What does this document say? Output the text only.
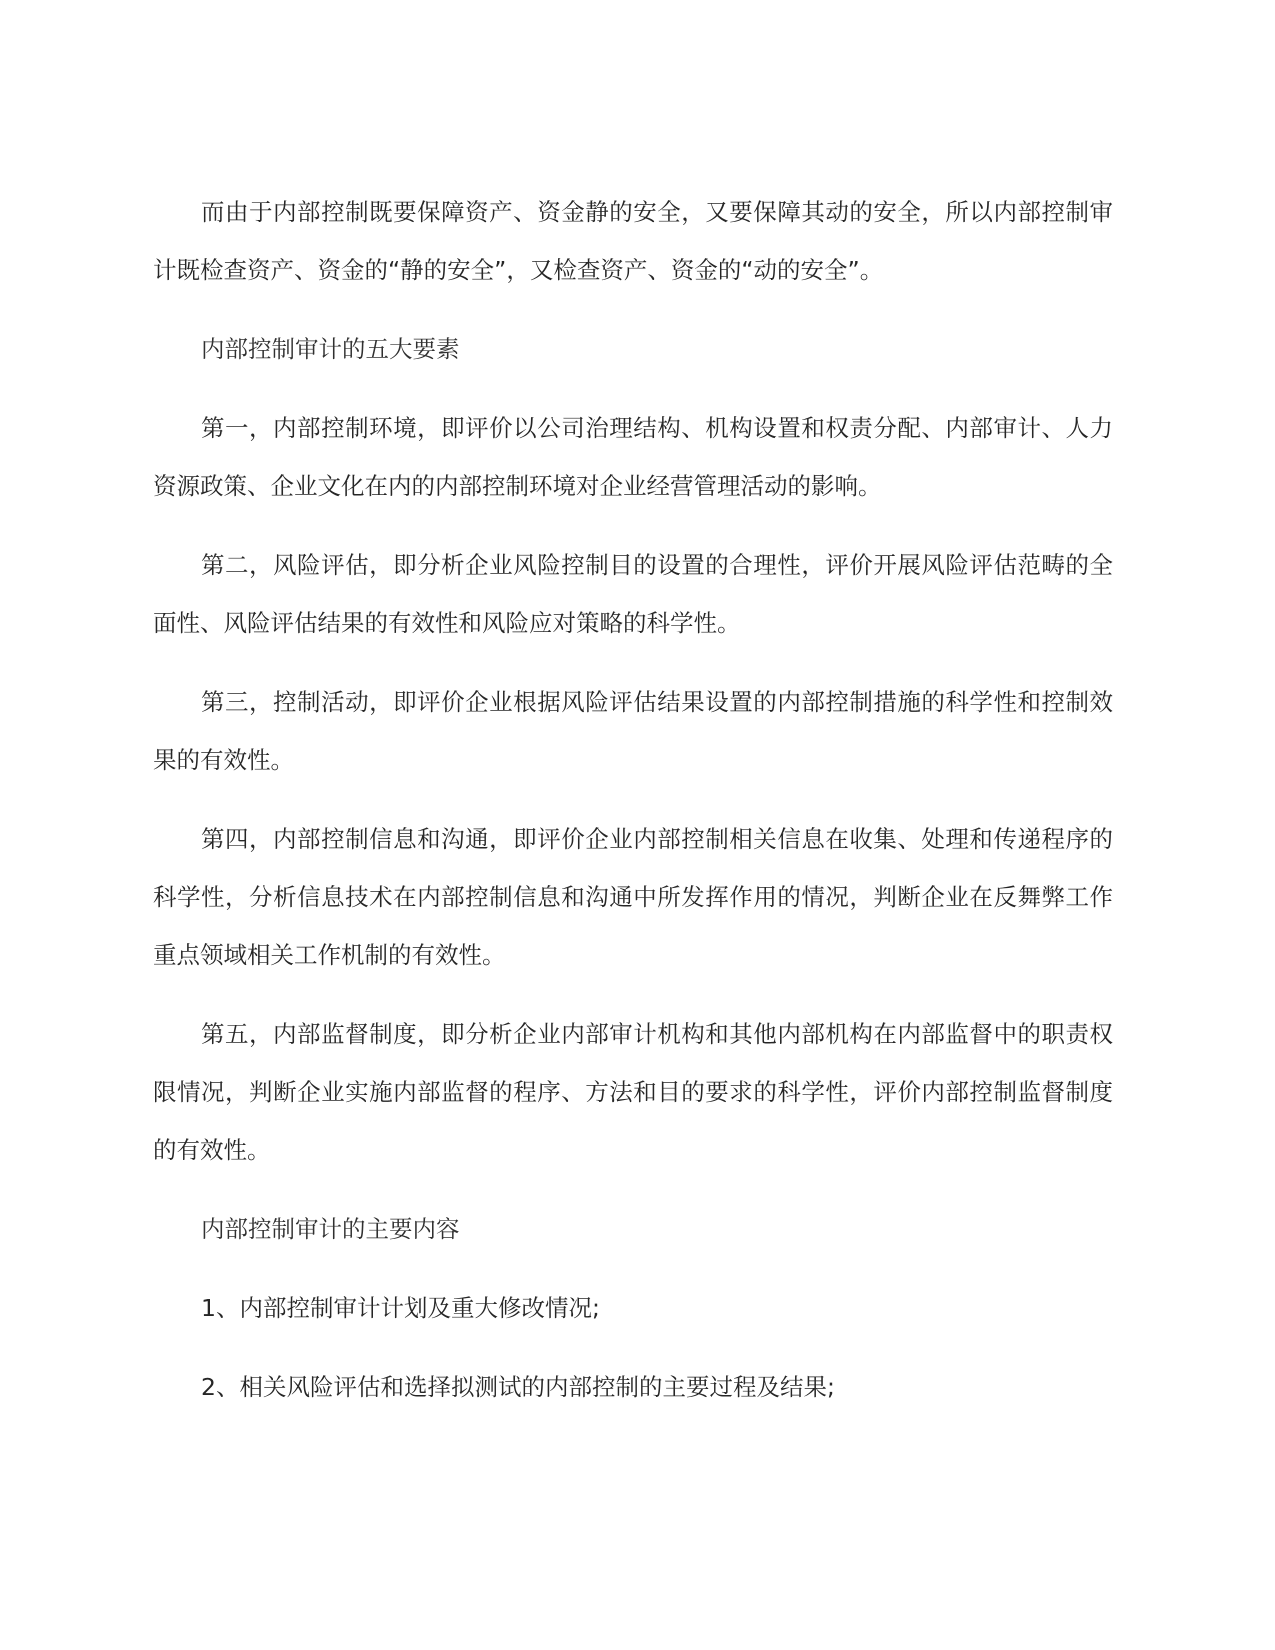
而由于内部控制既要保障资产、资金静的安全，又要保障其动的安全，所以内部控制审计既检查资产、资金的“静的安全”，又检查资产、资金的“动的安全”。

内部控制审计的五大要素

第一，内部控制环境，即评价以公司治理结构、机构设置和权责分配、内部审计、人力资源政策、企业文化在内的内部控制环境对企业经营管理活动的影响。

第二，风险评估，即分析企业风险控制目的设置的合理性，评价开展风险评估范畴的全面性、风险评估结果的有效性和风险应对策略的科学性。

第三，控制活动，即评价企业根据风险评估结果设置的内部控制措施的科学性和控制效果的有效性。

第四，内部控制信息和沟通，即评价企业内部控制相关信息在收集、处理和传递程序的科学性，分析信息技术在内部控制信息和沟通中所发挥作用的情况，判断企业在反舞弊工作重点领域相关工作机制的有效性。

第五，内部监督制度，即分析企业内部审计机构和其他内部机构在内部监督中的职责权限情况，判断企业实施内部监督的程序、方法和目的要求的科学性，评价内部控制监督制度的有效性。

内部控制审计的主要内容

1、内部控制审计计划及重大修改情况;

2、相关风险评估和选择拟测试的内部控制的主要过程及结果;
